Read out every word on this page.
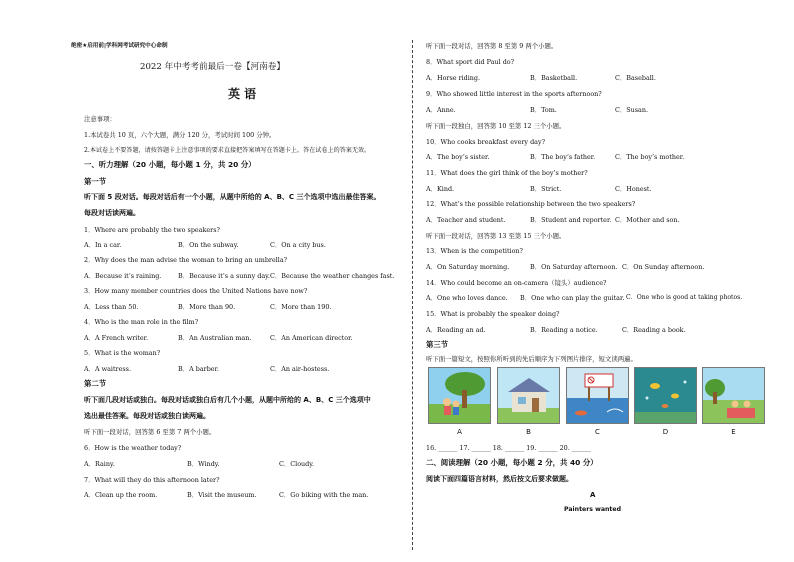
绝密★启用前|学科网考试研究中心命制
2022 年中考考前最后一卷【河南卷】
英 语
注意事项：
1.本试卷共 10 页，六个大题，满分 120 分，考试时间 100 分钟。
2.本试卷上不要答题，请按答题卡上注意事项的要求直接把答案填写在答题卡上。答在试卷上的答案无效。
一、听力理解（20 小题，每小题 1 分，共 20 分）
第一节
听下面 5 段对话。每段对话后有一个小题，从题中所给的 A、B、C 三个选项中选出最佳答案。
每段对话读两遍。
1．Where are probably the two speakers?
A．In a car.	B．On the subway.	C．On a city bus.
2．Why does the man advise the woman to bring an umbrella?
A．Because it’s raining.	B．Because it’s a sunny day. C．Because the weather changes fast.
3．How many member countries does the United Nations have now?
A．Less than 50.	B．More than 90.	C．More than 190.
4．Who is the man role in the film?
A．A French writer.	B．An Australian man.	C．An American director.
5．What is the woman?
A．A waitress.	B．A barber.	C．An air-hostess.
第二节
听下面几段对话或独白。每段对话或独白后有几个小题，从题中所给的 A、B、C 三个选项中
选出最佳答案。每段对话或独白读两遍。
听下面一段对话，回答第 6 至第 7 两个小题。
6．How is the weather today?
A．Rainy.	B．Windy.	C．Cloudy.
7．What will they do this afternoon later?
A．Clean up the room.	B．Visit the museum.	C．Go biking with the man.
听下面一段对话，回答第 8 至第 9 两个小题。
8．What sport did Paul do?
A．Horse riding.	B．Basketball.	C．Baseball.
9．Who showed little interest in the sports afternoon?
A．Anne.	B．Tom.	C．Susan.
听下面一段独白，回答第 10 至第 12 三个小题。
10．Who cooks breakfast every day?
A．The boy’s sister.	B．The boy’s father.	C．The boy’s mother.
11．What does the girl think of the boy’s mother?
A．Kind.	B．Strict.	C．Honest.
12．What’s the possible relationship between the two speakers?
A．Teacher and student.	B．Student and reporter. C．Mother and son.
听下面一段对话，回答第 13 至第 15 三个小题。
13．When is the competition?
A．On Saturday morning.	B．On Saturday afternoon. C．On Sunday afternoon.
14．Who could become an on-camera（镜头）audience?
A．One who loves dance. B．One who can play the guitar. C．One who is good at taking photos.
15．What is probably the speaker doing?
A．Reading an ad.	B．Reading a notice.	C．Reading a book.
第三节
听下面一篇短文，按照你所听到的先后顺序为下列图片排序，短文读两遍。
A	B	C	D	E
16. ______ 17. ______ 18. ______ 19. ______ 20. ______
二、阅读理解（20 小题，每小题 2 分，共 40 分）
阅读下面四篇语言材料，然后按文后要求做题。
A
Painters wanted
